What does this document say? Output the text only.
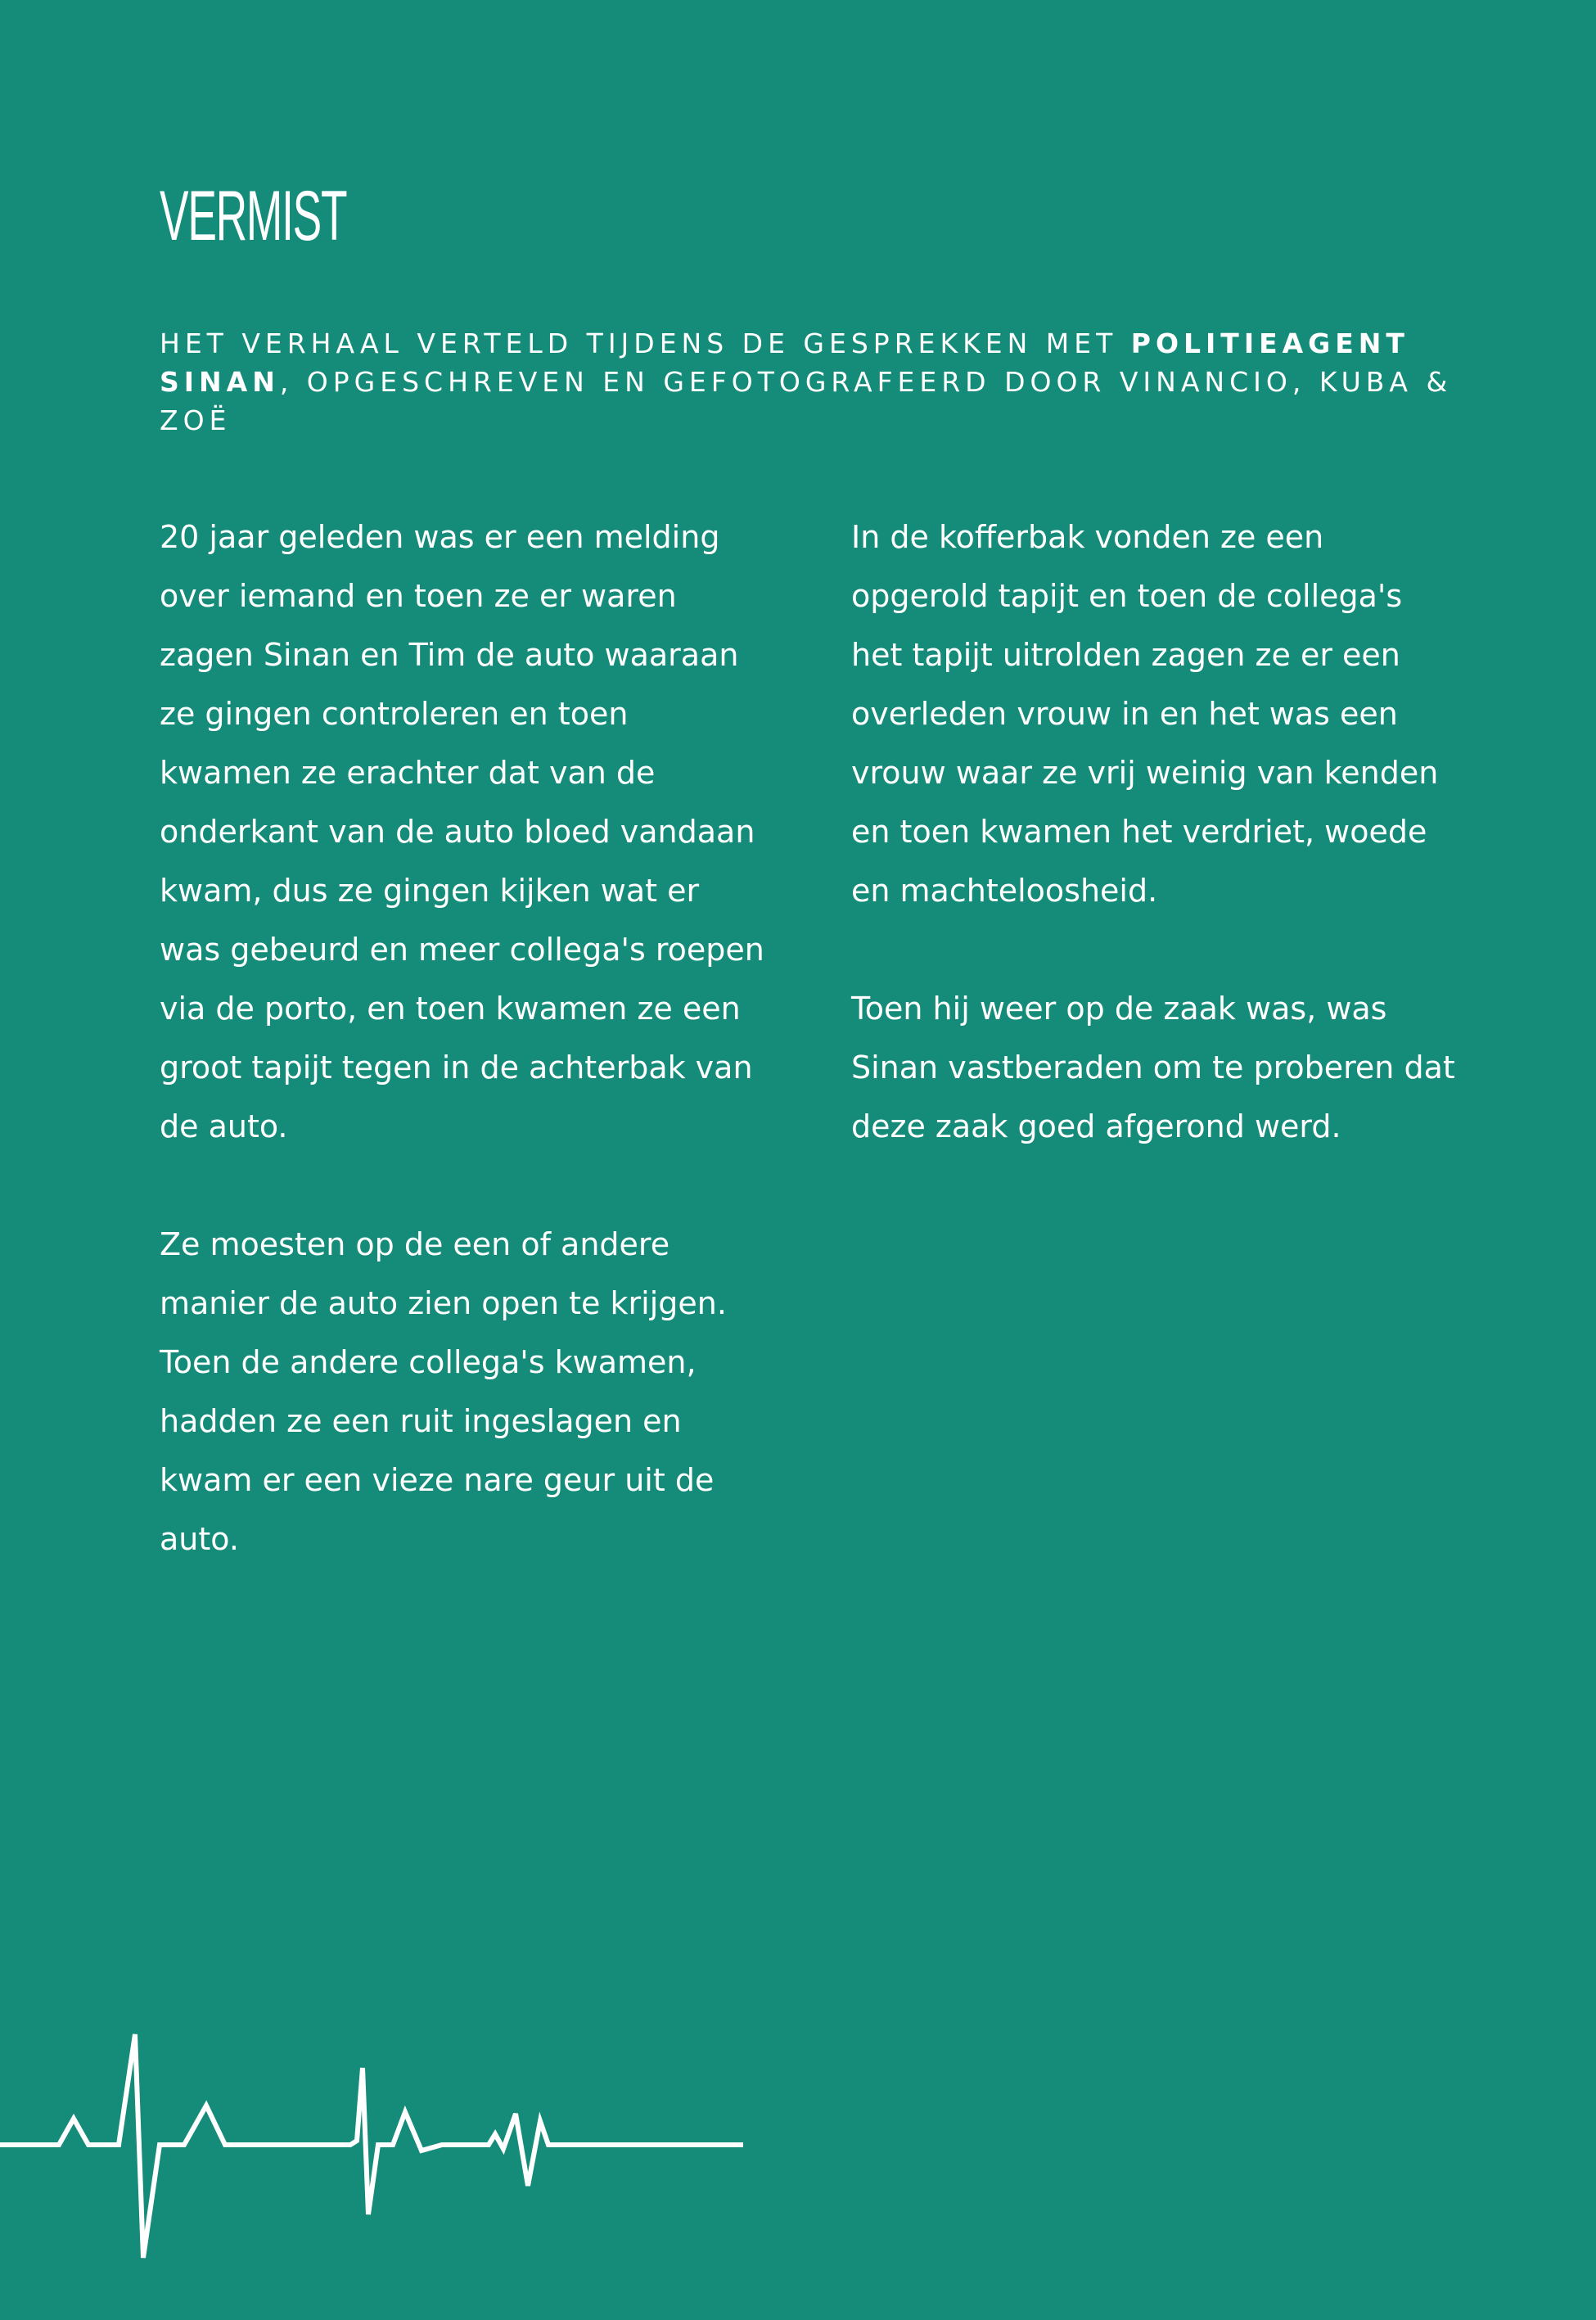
VERMIST
HET VERHAAL VERTELD TIJDENS DE GESPREKKEN MET POLITIEAGENT SINAN, OPGESCHREVEN EN GEFOTOGRAFEERD DOOR VINANCIO, KUBA & ZOË

20 jaar geleden was er een melding over iemand en toen ze er waren zagen Sinan en Tim de auto waaraan ze gingen controleren en toen kwamen ze erachter dat van de onderkant van de auto bloed vandaan kwam, dus ze gingen kijken wat er was gebeurd en meer collega's roepen via de porto, en toen kwamen ze een groot tapijt tegen in de achterbak van de auto.

Ze moesten op de een of andere manier de auto zien open te krijgen. Toen de andere collega's kwamen, hadden ze een ruit ingeslagen en kwam er een vieze nare geur uit de auto.

In de kofferbak vonden ze een opgerold tapijt en toen de collega's het tapijt uitrolden zagen ze er een overleden vrouw in en het was een vrouw waar ze vrij weinig van kenden en toen kwamen het verdriet, woede en machteloosheid.

Toen hij weer op de zaak was, was Sinan vastberaden om te proberen dat deze zaak goed afgerond werd.
